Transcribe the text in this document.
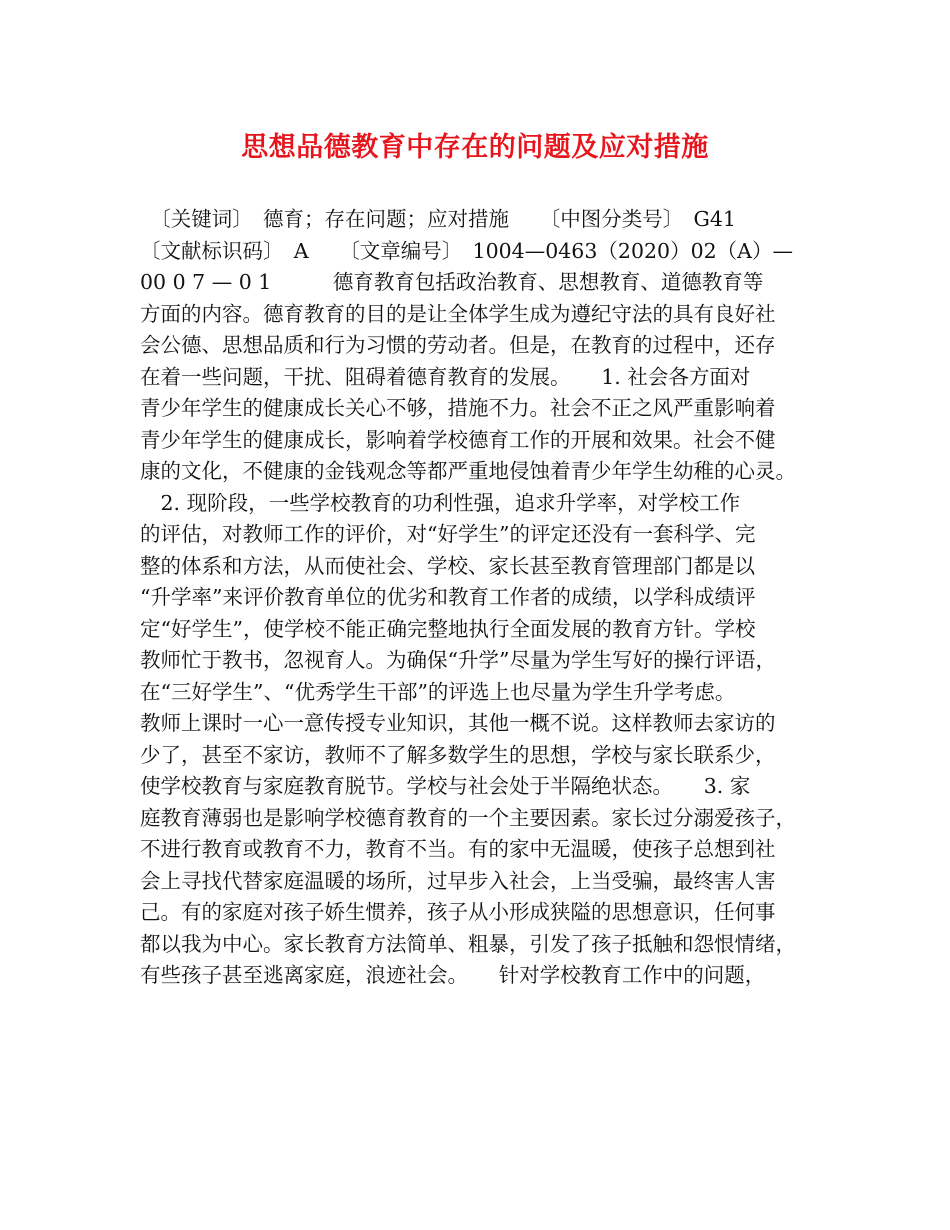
思想品德教育中存在的问题及应对措施
　〔关键词〕　德育；存在问题；应对措施　　〔中图分类号〕　G41
〔文献标识码〕　A　　〔文章编号〕　1004—0463（2020）02（A）—
00 0 7 — 0 1　　　德育教育包括政治教育、思想教育、道德教育等
方面的内容。德育教育的目的是让全体学生成为遵纪守法的具有良好社
会公德、思想品质和行为习惯的劳动者。但是，在教育的过程中，还存
在着一些问题，干扰、阻碍着德育教育的发展。　　1. 社会各方面对
青少年学生的健康成长关心不够，措施不力。社会不正之风严重影响着
青少年学生的健康成长，影响着学校德育工作的开展和效果。社会不健
康的文化，不健康的金钱观念等都严重地侵蚀着青少年学生幼稚的心灵。
　2. 现阶段，一些学校教育的功利性强，追求升学率，对学校工作
的评估，对教师工作的评价，对“好学生”的评定还没有一套科学、完
整的体系和方法，从而使社会、学校、家长甚至教育管理部门都是以
“升学率”来评价教育单位的优劣和教育工作者的成绩，以学科成绩评
定“好学生”，使学校不能正确完整地执行全面发展的教育方针。学校
教师忙于教书，忽视育人。为确保“升学”尽量为学生写好的操行评语，
在“三好学生”、“优秀学生干部”的评选上也尽量为学生升学考虑。
教师上课时一心一意传授专业知识，其他一概不说。这样教师去家访的
少了，甚至不家访，教师不了解多数学生的思想，学校与家长联系少，
使学校教育与家庭教育脱节。学校与社会处于半隔绝状态。　　3. 家
庭教育薄弱也是影响学校德育教育的一个主要因素。家长过分溺爱孩子，
不进行教育或教育不力，教育不当。有的家中无温暖，使孩子总想到社
会上寻找代替家庭温暖的场所，过早步入社会，上当受骗，最终害人害
己。有的家庭对孩子娇生惯养，孩子从小形成狭隘的思想意识，任何事
都以我为中心。家长教育方法简单、粗暴，引发了孩子抵触和怨恨情绪，
有些孩子甚至逃离家庭，浪迹社会。　　针对学校教育工作中的问题，
